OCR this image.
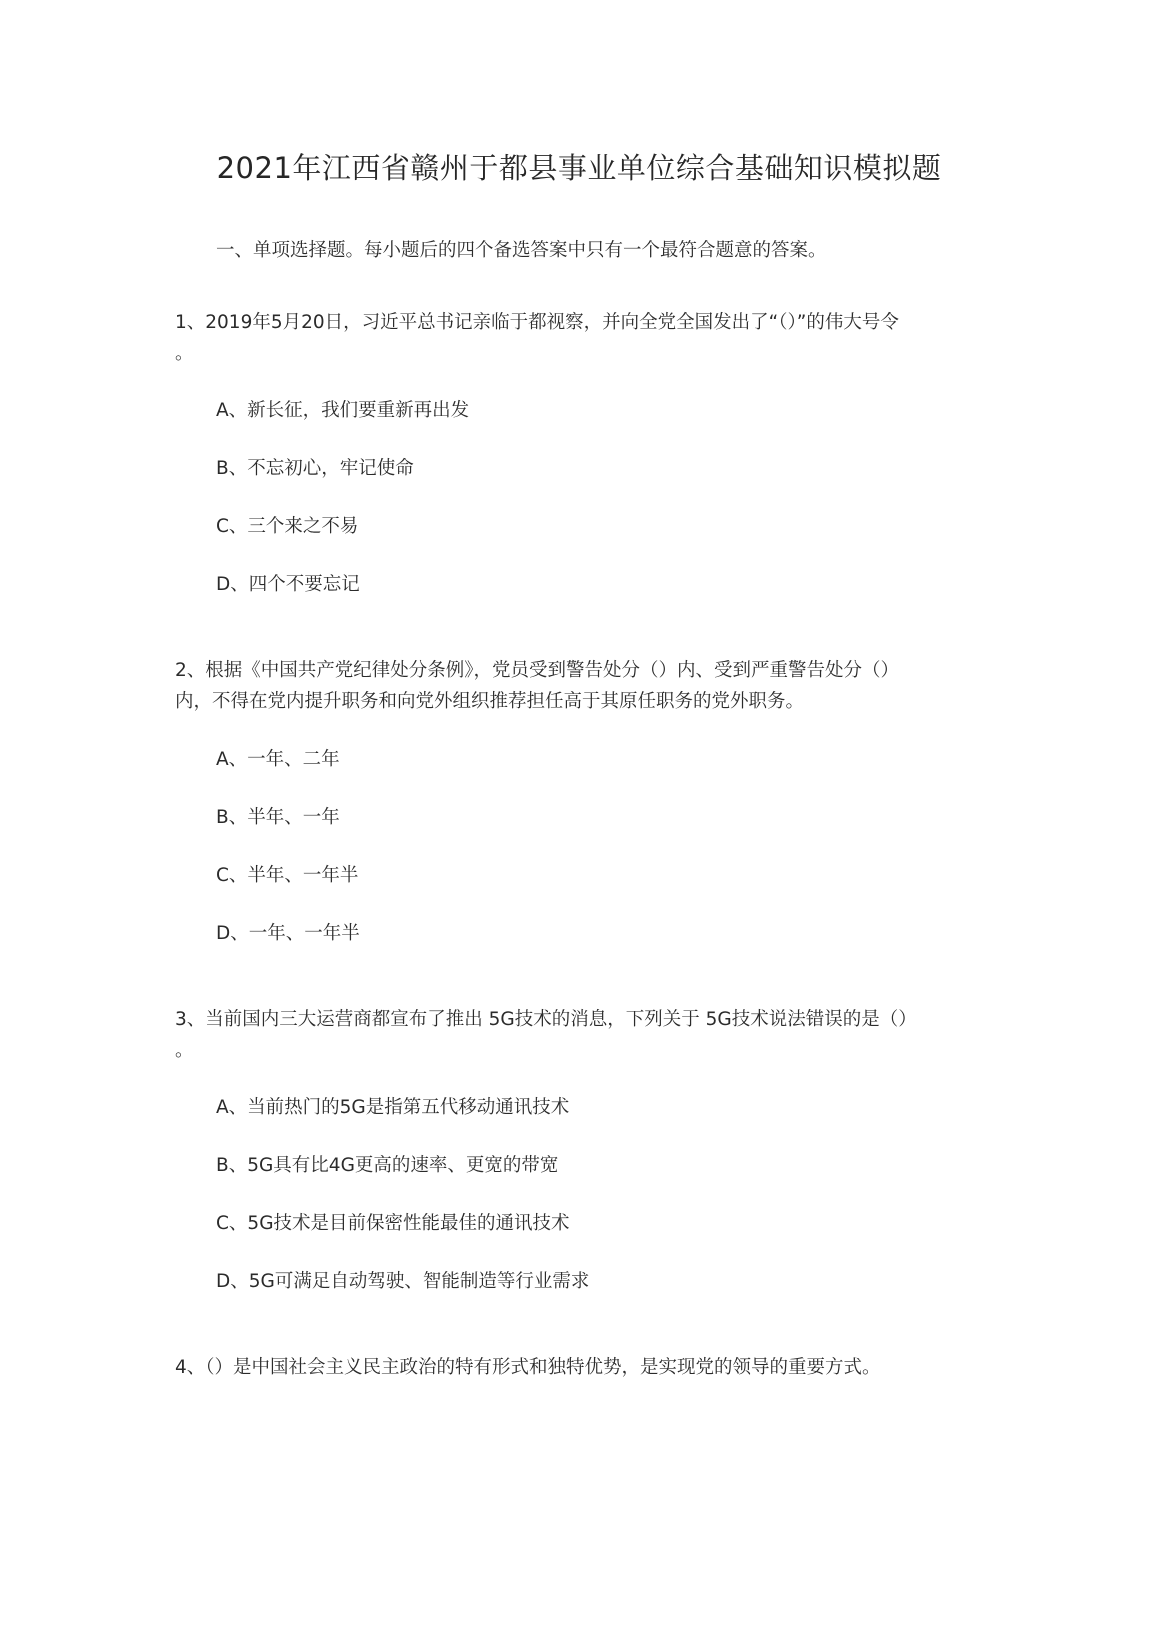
2021年江西省赣州于都县事业单位综合基础知识模拟题
一、单项选择题。每小题后的四个备选答案中只有一个最符合题意的答案。
1、2019年5月20日，习近平总书记亲临于都视察，并向全党全国发出了“（）”的伟大号令
。
A、新长征，我们要重新再出发
B、不忘初心，牢记使命
C、三个来之不易
D、四个不要忘记
2、根据《中国共产党纪律处分条例》，党员受到警告处分（）内、受到严重警告处分（）
内，不得在党内提升职务和向党外组织推荐担任高于其原任职务的党外职务。
A、一年、二年
B、半年、一年
C、半年、一年半
D、一年、一年半
3、当前国内三大运营商都宣布了推出 5G技术的消息，下列关于 5G技术说法错误的是（）
。
A、当前热门的5G是指第五代移动通讯技术
B、5G具有比4G更高的速率、更宽的带宽
C、5G技术是目前保密性能最佳的通讯技术
D、5G可满足自动驾驶、智能制造等行业需求
4、（）是中国社会主义民主政治的特有形式和独特优势，是实现党的领导的重要方式。
